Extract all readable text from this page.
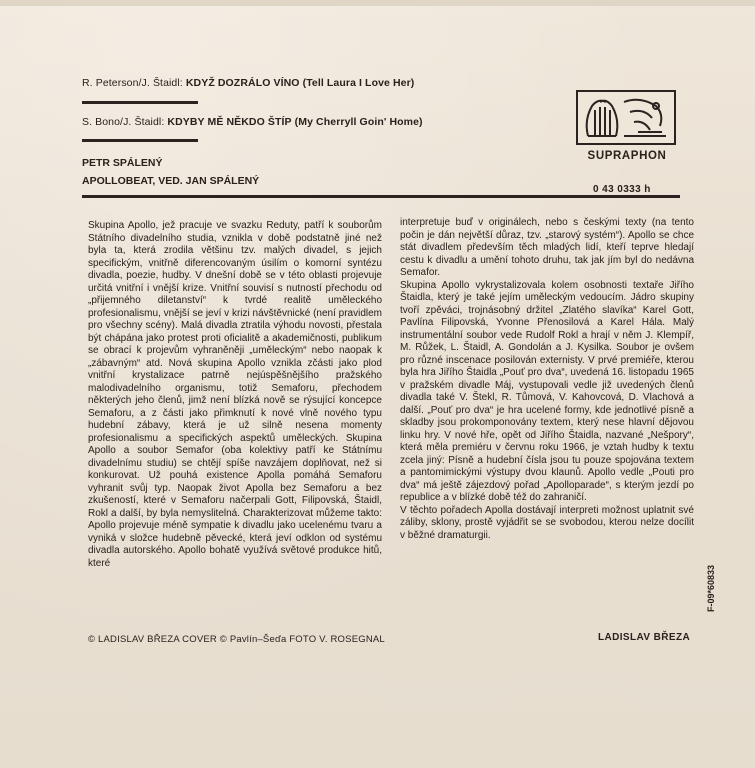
R. Peterson/J. Štaidl: KDYŽ DOZRÁLO VÍNO (Tell Laura I Love Her)
S. Bono/J. Štaidl: KDYBY MĚ NĚKDO ŠTÍP (My Cherryll Goin' Home)
PETR SPÁLENÝ
APOLLOBEAT, VED. JAN SPÁLENÝ
SUPRAPHON
0 43 0333 h

Skupina Apollo, jež pracuje ve svazku Reduty, patří k souborům Státního divadelního studia, vznikla v době podstatně jiné než byla ta, která zrodila většinu tzv. malých divadel, s jejich specifickým, vnitřně diferencovaným úsilím o komorní syntézu divadla, poezie, hudby. V dnešní době se v této oblasti projevuje určitá vnitřní i vnější krize. Vnitřní souvisí s nutností přechodu od „přijemného diletanství“ k tvrdé realitě uměleckého profesionalismu, vnější se jeví v krizi návštěvnické (není pravidlem pro všechny scény). Malá divadla ztratila výhodu novosti, přestala být chápána jako protest proti oficialitě a akademičnosti, publikum se obrací k projevům vyhraněněji „uměleckým“ nebo naopak k „zábavným“ atd. Nová skupina Apollo vznikla zčásti jako plod vnitřní krystalizace patrně nejúspěšnějšího pražského malodivadelního organismu, totiž Semaforu, přechodem některých jeho členů, jimž není blízká nově se rýsující koncepce Semaforu, a z části jako přimknutí k nové vlně nového typu hudební zábavy, která je už silně nesena momenty profesionalismu a specifických aspektů uměleckých. Skupina Apollo a soubor Semafor (oba kolektivy patří ke Státnímu divadelnímu studiu) se chtějí spíše navzájem doplňovat, než si konkurovat. Už pouhá existence Apolla pomáhá Semaforu vyhranit svůj typ. Naopak život Apolla bez Semaforu a bez zkušeností, které v Semaforu načerpali Gott, Filipovská, Štaidl, Rokl a další, by byla nemyslitelná. Charakterizovat můžeme takto: Apollo projevuje méně sympatie k divadlu jako ucelenému tvaru a vyniká v složce hudebně pěvecké, která jeví odklon od systému divadla autorského. Apollo bohatě využívá světové produkce hitů, které

interpretuje buď v originálech, nebo s českými texty (na tento počin je dán největší důraz, tzv. „starový systém“). Apollo se chce stát divadlem především těch mladých lidí, kteří teprve hledají cestu k divadlu a umění tohoto druhu, tak jak jím byl do nedávna Semafor.

Skupina Apollo vykrystalizovala kolem osobnosti textaře Jiřího Štaidla, který je také jejím uměleckým vedoucím. Jádro skupiny tvoří zpěváci, trojnásobný držitel „Zlatého slavíka“ Karel Gott, Pavlína Filipovská, Yvonne Přenosilová a Karel Hála. Malý instrumentální soubor vede Rudolf Rokl a hrají v něm J. Klempíř, M. Růžek, L. Štaidl, A. Gondolán a J. Kysilka. Soubor je ovšem pro různé inscenace posilován externisty. V prvé premiéře, kterou byla hra Jiřího Štaidla „Pouť pro dva“, uvedená 16. listopadu 1965 v pražském divadle Máj, vystupovali vedle již uvedených členů divadla také V. Štekl, R. Tůmová, V. Kahovcová, D. Vlachová a další. „Pouť pro dva“ je hra ucelené formy, kde jednotlivé písně a skladby jsou prokomponovány textem, který nese hlavní dějovou linku hry. V nové hře, opět od Jiřího Štaidla, nazvané „Nešpory“, která měla premiéru v červnu roku 1966, je vztah hudby k textu zcela jiný: Písně a hudební čísla jsou tu pouze spojována textem a pantomimickými výstupy dvou klaunů. Apollo vedle „Pouti pro dva“ má ještě zájezdový pořad „Apolloparade“, s kterým jezdí po republice a v blízké době též do zahraničí.

V těchto pořadech Apolla dostávají interpreti možnost uplatnit své záliby, sklony, prostě vyjádřit se se svobodou, kterou nelze docílit v běžné dramaturgii.

© LADISLAV BŘEZA COVER © Pavlín–Šeďa FOTO V. ROSEGNAL	LADISLAV BŘEZA
F-09*60833
